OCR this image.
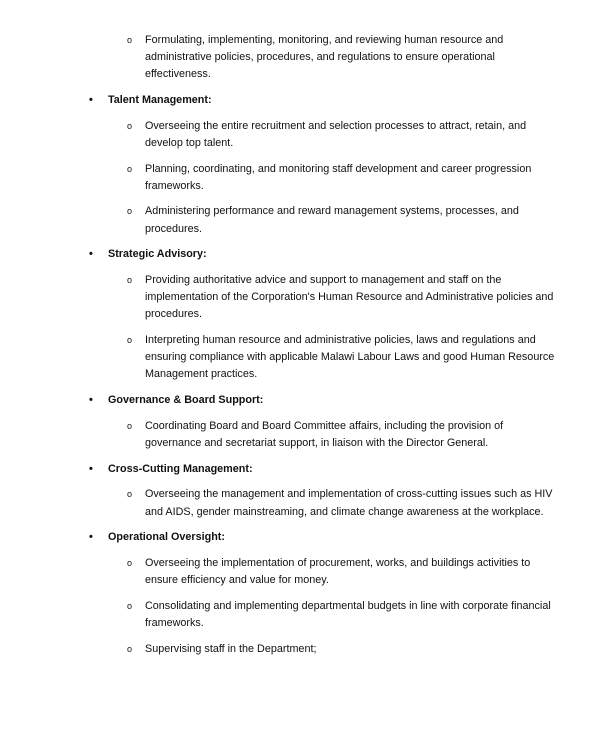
o Formulating, implementing, monitoring, and reviewing human resource and administrative policies, procedures, and regulations to ensure operational effectiveness.
• Talent Management:
o Overseeing the entire recruitment and selection processes to attract, retain, and develop top talent.
o Planning, coordinating, and monitoring staff development and career progression frameworks.
o Administering performance and reward management systems, processes, and procedures.
• Strategic Advisory:
o Providing authoritative advice and support to management and staff on the implementation of the Corporation's Human Resource and Administrative policies and procedures.
o Interpreting human resource and administrative policies, laws and regulations and ensuring compliance with applicable Malawi Labour Laws and good Human Resource Management practices.
• Governance & Board Support:
o Coordinating Board and Board Committee affairs, including the provision of governance and secretariat support, in liaison with the Director General.
• Cross-Cutting Management:
o Overseeing the management and implementation of cross-cutting issues such as HIV and AIDS, gender mainstreaming, and climate change awareness at the workplace.
• Operational Oversight:
o Overseeing the implementation of procurement, works, and buildings activities to ensure efficiency and value for money.
o Consolidating and implementing departmental budgets in line with corporate financial frameworks.
o Supervising staff in the Department;
